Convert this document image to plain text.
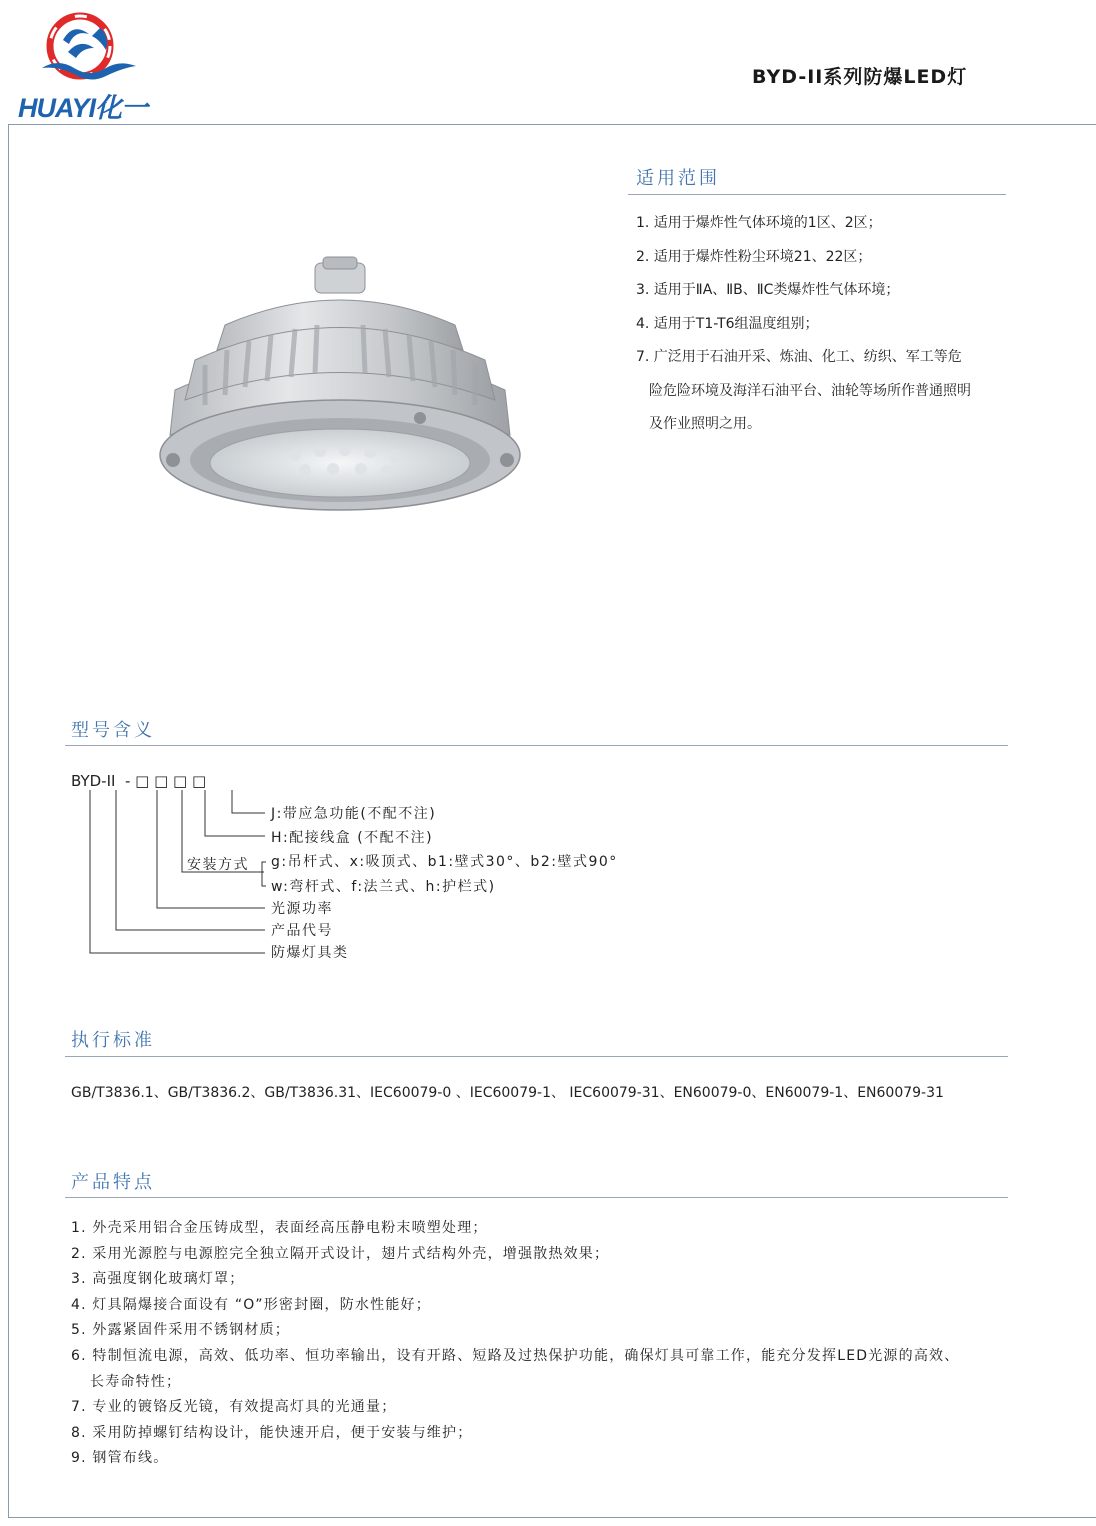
HUAYI化一
BYD-II系列防爆LED灯
适用范围
1. 适用于爆炸性气体环境的1区、2区；
2. 适用于爆炸性粉尘环境21、22区；
3. 适用于ⅡA、ⅡB、ⅡC类爆炸性气体环境；
4. 适用于T1-T6组温度组别；
7. 广泛用于石油开采、炼油、化工、纺织、军工等危
险危险环境及海洋石油平台、油轮等场所作普通照明
及作业照明之用。
型号含义
BYD-II  - □ □ □ □
J:带应急功能(不配不注)
H:配接线盒 (不配不注)
安装方式 g:吊杆式、x:吸顶式、b1:壁式30°、b2:壁式90°
w:弯杆式、f:法兰式、h:护栏式)
光源功率
产品代号
防爆灯具类
执行标准
GB/T3836.1、GB/T3836.2、GB/T3836.31、IEC60079-0 、IEC60079-1、 IEC60079-31、EN60079-0、EN60079-1、EN60079-31
产品特点
1. 外壳采用铝合金压铸成型，表面经高压静电粉末喷塑处理；
2. 采用光源腔与电源腔完全独立隔开式设计，翅片式结构外壳，增强散热效果；
3. 高强度钢化玻璃灯罩；
4. 灯具隔爆接合面设有 “O”形密封圈，防水性能好；
5. 外露紧固件采用不锈钢材质；
6. 特制恒流电源，高效、低功率、恒功率输出，设有开路、短路及过热保护功能，确保灯具可靠工作，能充分发挥LED光源的高效、
长寿命特性；
7. 专业的镀铬反光镜，有效提高灯具的光通量；
8. 采用防掉螺钉结构设计，能快速开启，便于安装与维护；
9. 钢管布线。
